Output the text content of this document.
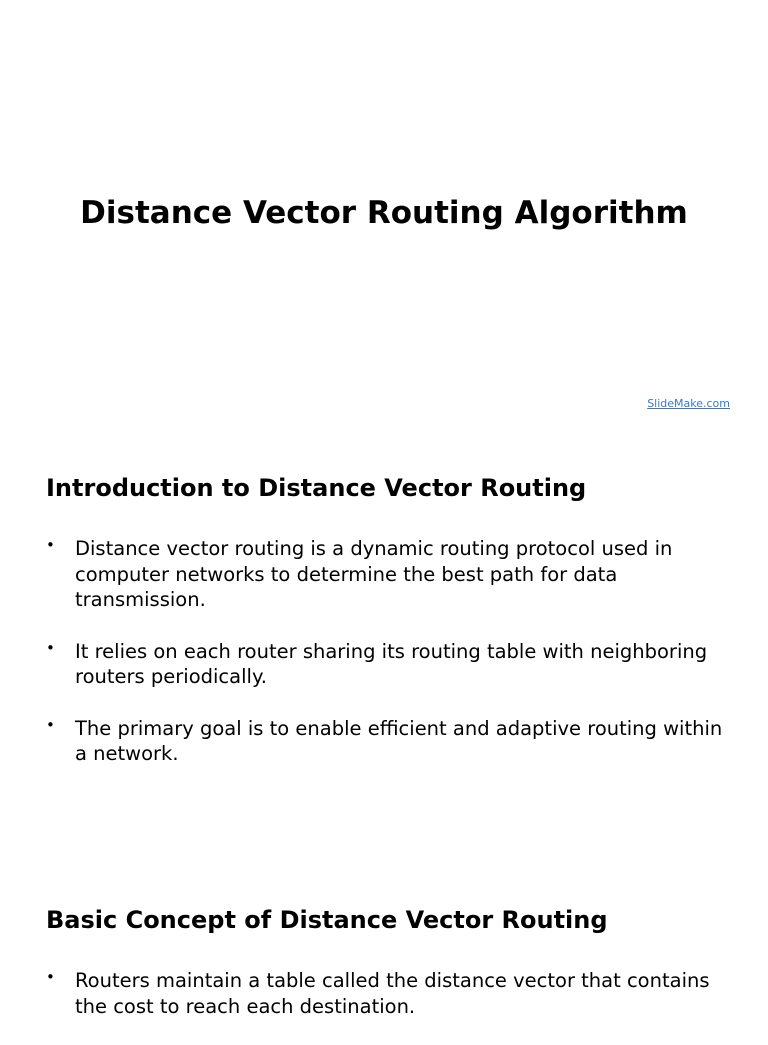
Distance Vector Routing Algorithm
SlideMake.com
Introduction to Distance Vector Routing
• Distance vector routing is a dynamic routing protocol used in computer networks to determine the best path for data transmission.
• It relies on each router sharing its routing table with neighboring routers periodically.
• The primary goal is to enable efficient and adaptive routing within a network.
Basic Concept of Distance Vector Routing
• Routers maintain a table called the distance vector that contains the cost to reach each destination.
